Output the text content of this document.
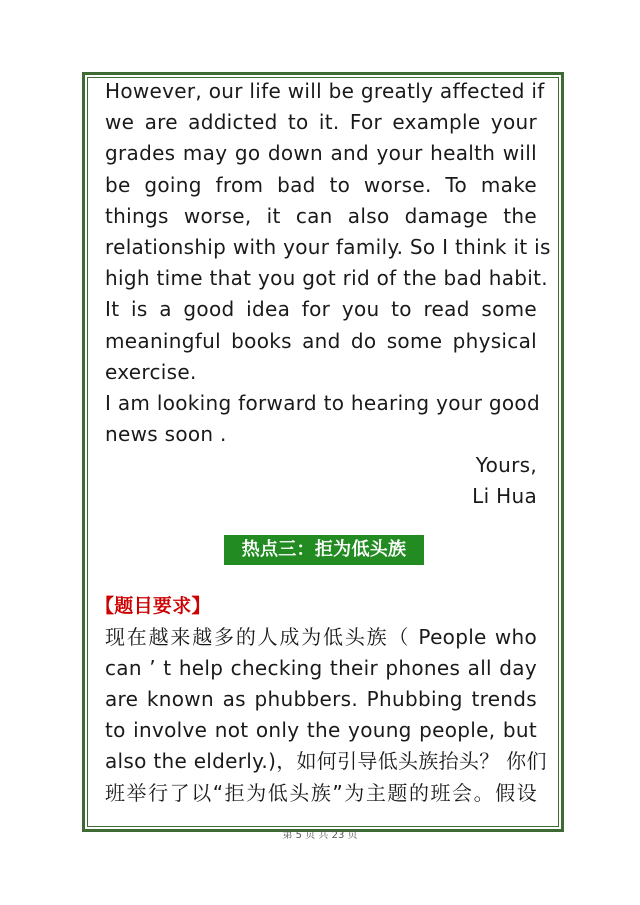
However, our life will be greatly affected if
we are addicted to it. For example your
grades may go down and your health will
be going from bad to worse. To make
things worse, it can also damage the
relationship with your family. So I think it is
high time that you got rid of the bad habit.
It is a good idea for you to read some
meaningful books and do some physical
exercise.
I am looking forward to hearing your good
news soon .
Yours,
Li Hua
热点三：拒为低头族
【题目要求】
现在越来越多的人成为低头族（ People who
can ’ t help checking their phones all day
are known as phubbers. Phubbing trends
to involve not only the young people, but
also the elderly.)，如何引导低头族抬头？ 你们
班举行了以“拒为低头族”为主题的班会。假设
第 5 页 共 23 页
